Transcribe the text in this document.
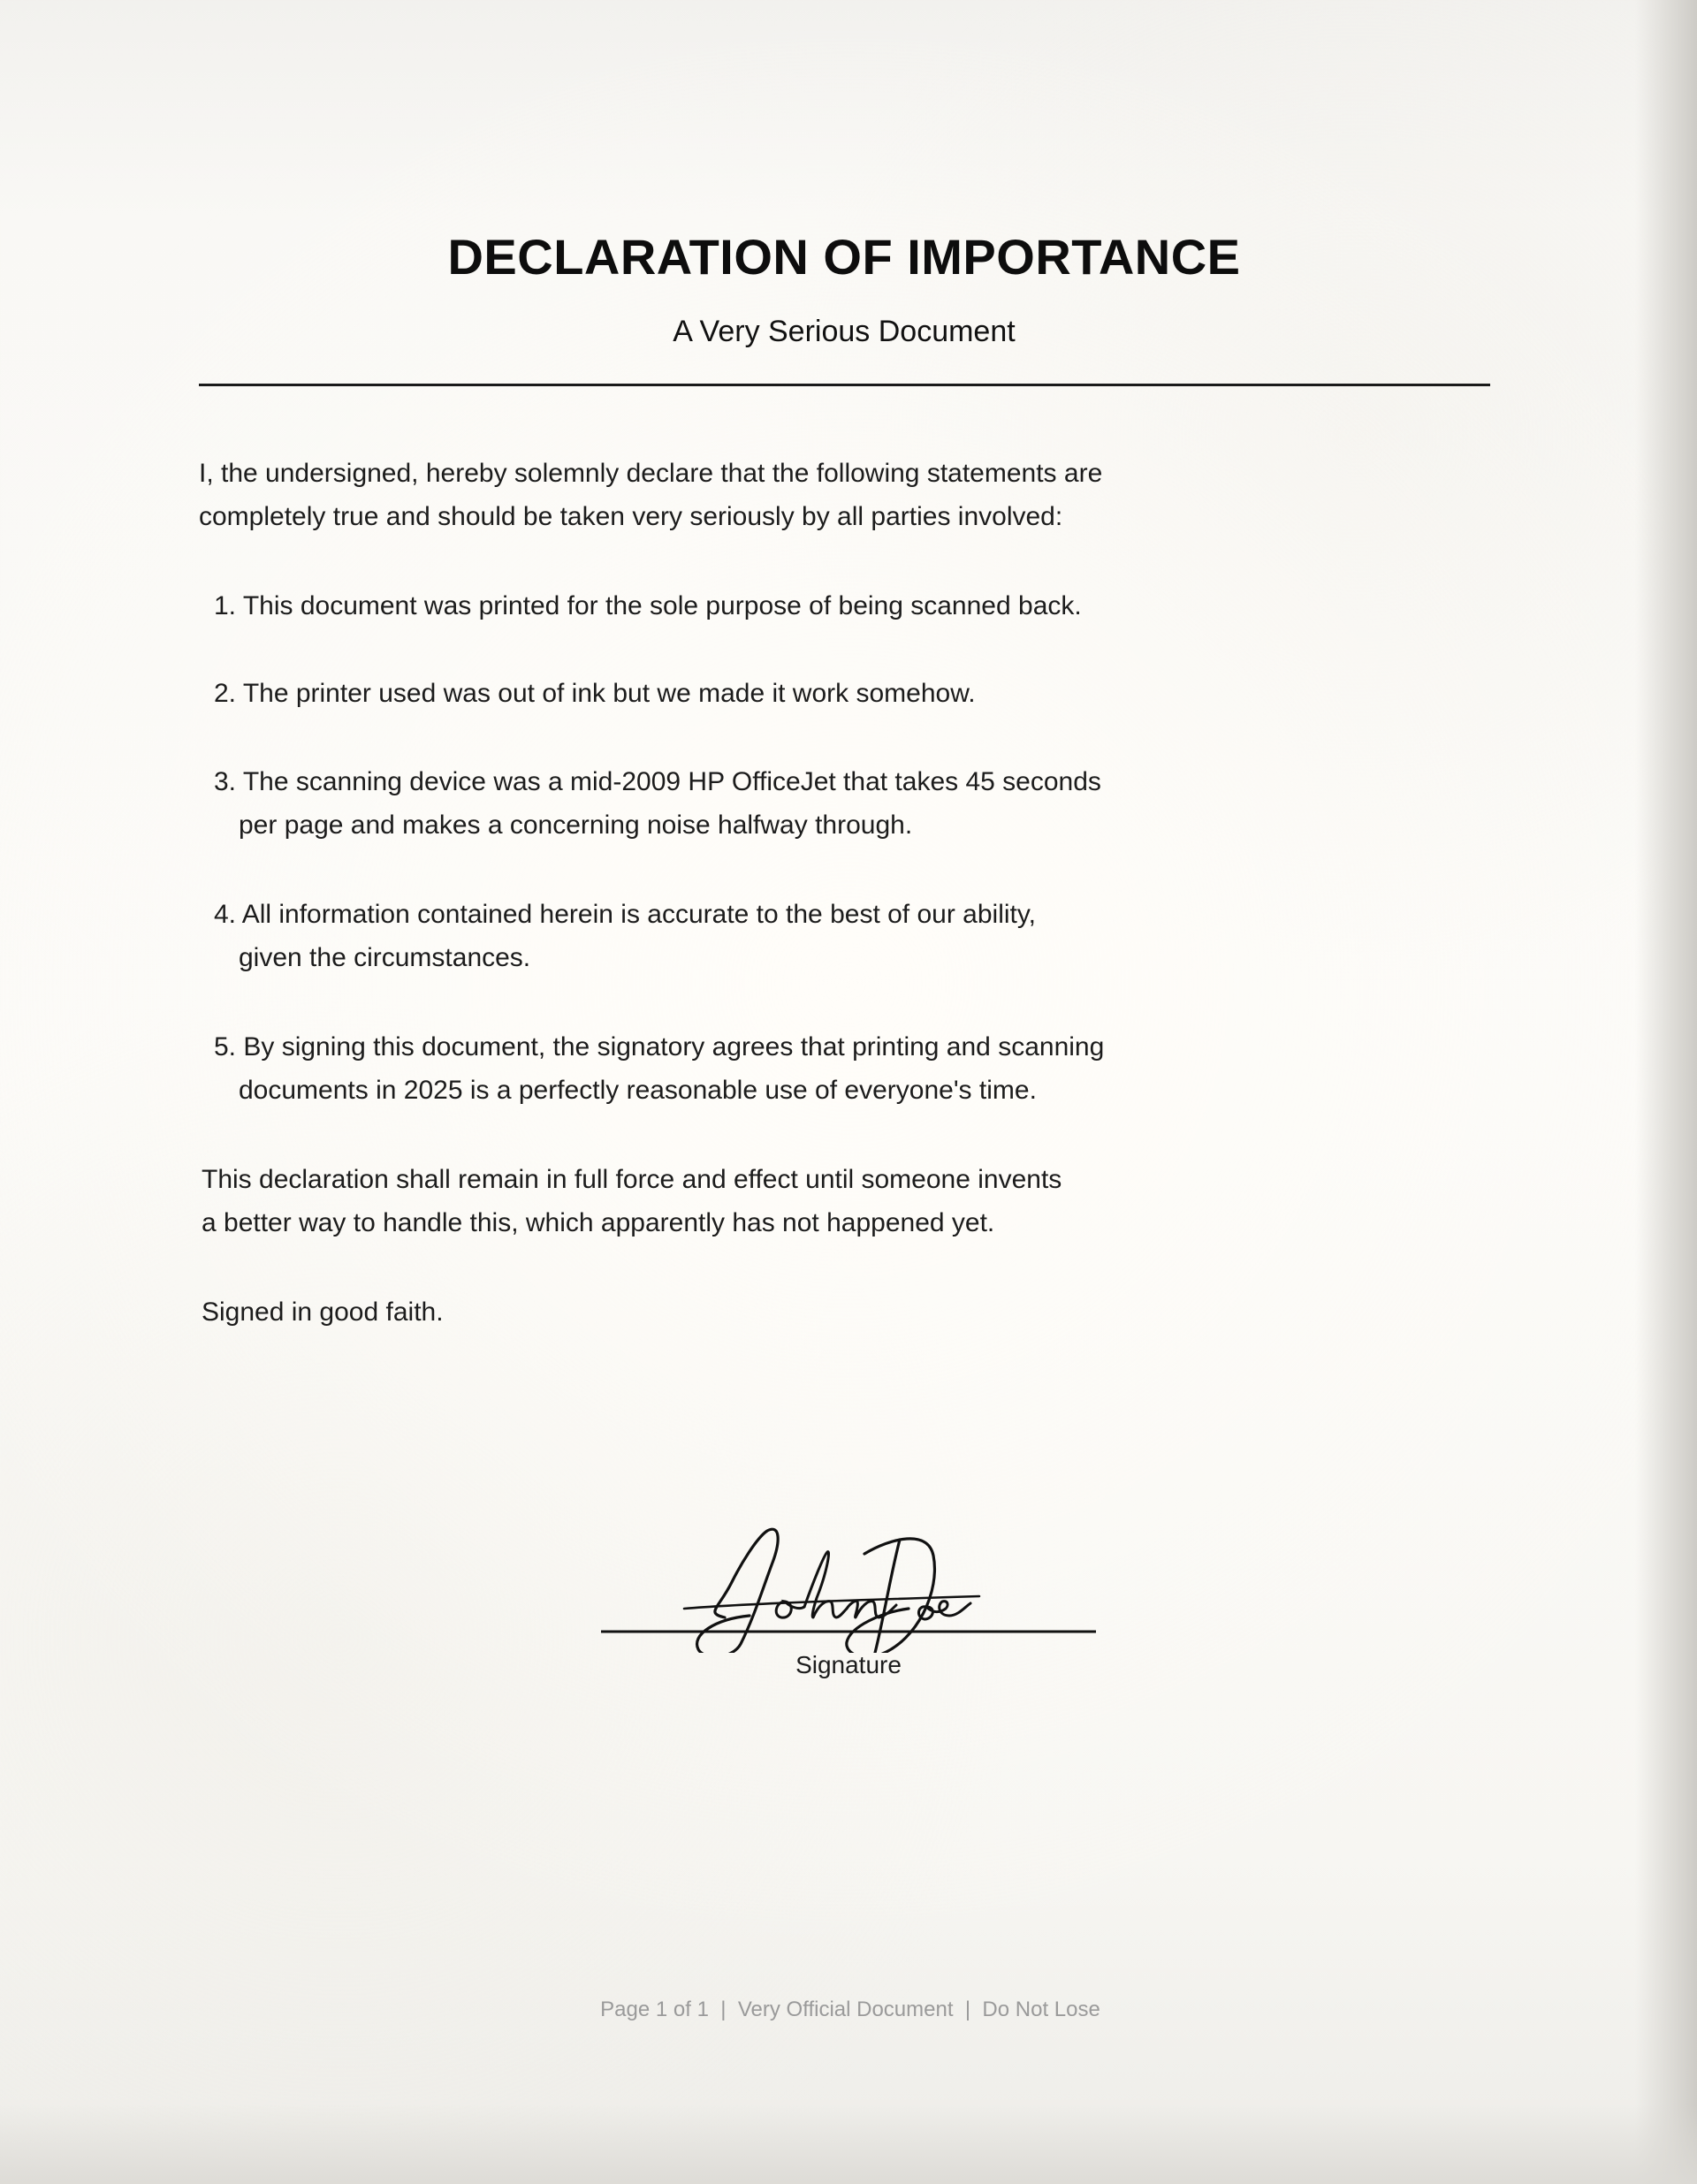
DECLARATION OF IMPORTANCE
A Very Serious Document
I, the undersigned, hereby solemnly declare that the following statements are
completely true and should be taken very seriously by all parties involved:
1. This document was printed for the sole purpose of being scanned back.
2. The printer used was out of ink but we made it work somehow.
3. The scanning device was a mid-2009 HP OfficeJet that takes 45 seconds
per page and makes a concerning noise halfway through.
4. All information contained herein is accurate to the best of our ability,
given the circumstances.
5. By signing this document, the signatory agrees that printing and scanning
documents in 2025 is a perfectly reasonable use of everyone's time.
This declaration shall remain in full force and effect until someone invents
a better way to handle this, which apparently has not happened yet.
Signed in good faith.
Signature
Page 1 of 1 | Very Official Document | Do Not Lose
